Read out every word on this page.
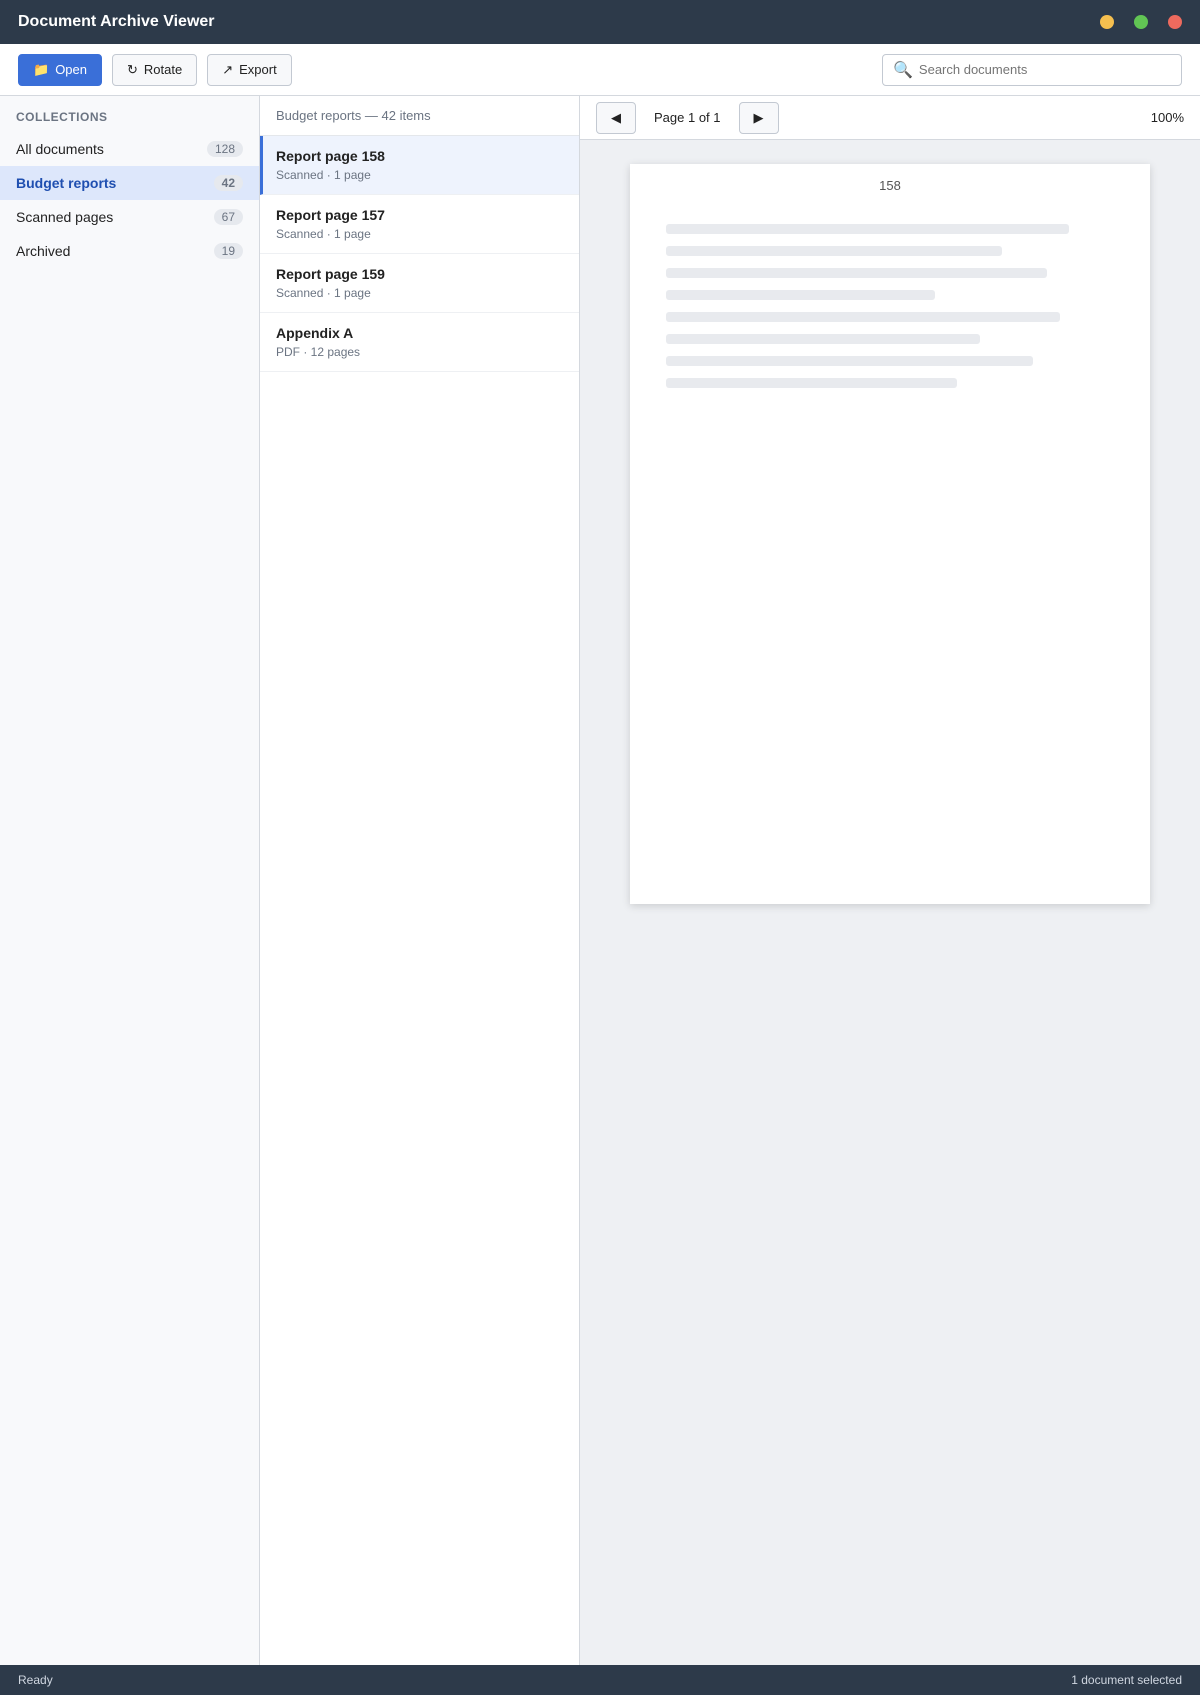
Document Archive Viewer
📁 Open	↻ Rotate	↗ Export	🔍
Search documents
COLLECTIONS
All documents	128
Budget reports	42
Scanned pages	67
Archived	19
Budget reports — 42 items
Report page 158
Scanned · 1 page
Report page 157
Scanned · 1 page
Report page 159
Scanned · 1 page
Appendix A
PDF · 12 pages
◀	Page 1 of 1	▶	100%
158
Ready	1 document selected
